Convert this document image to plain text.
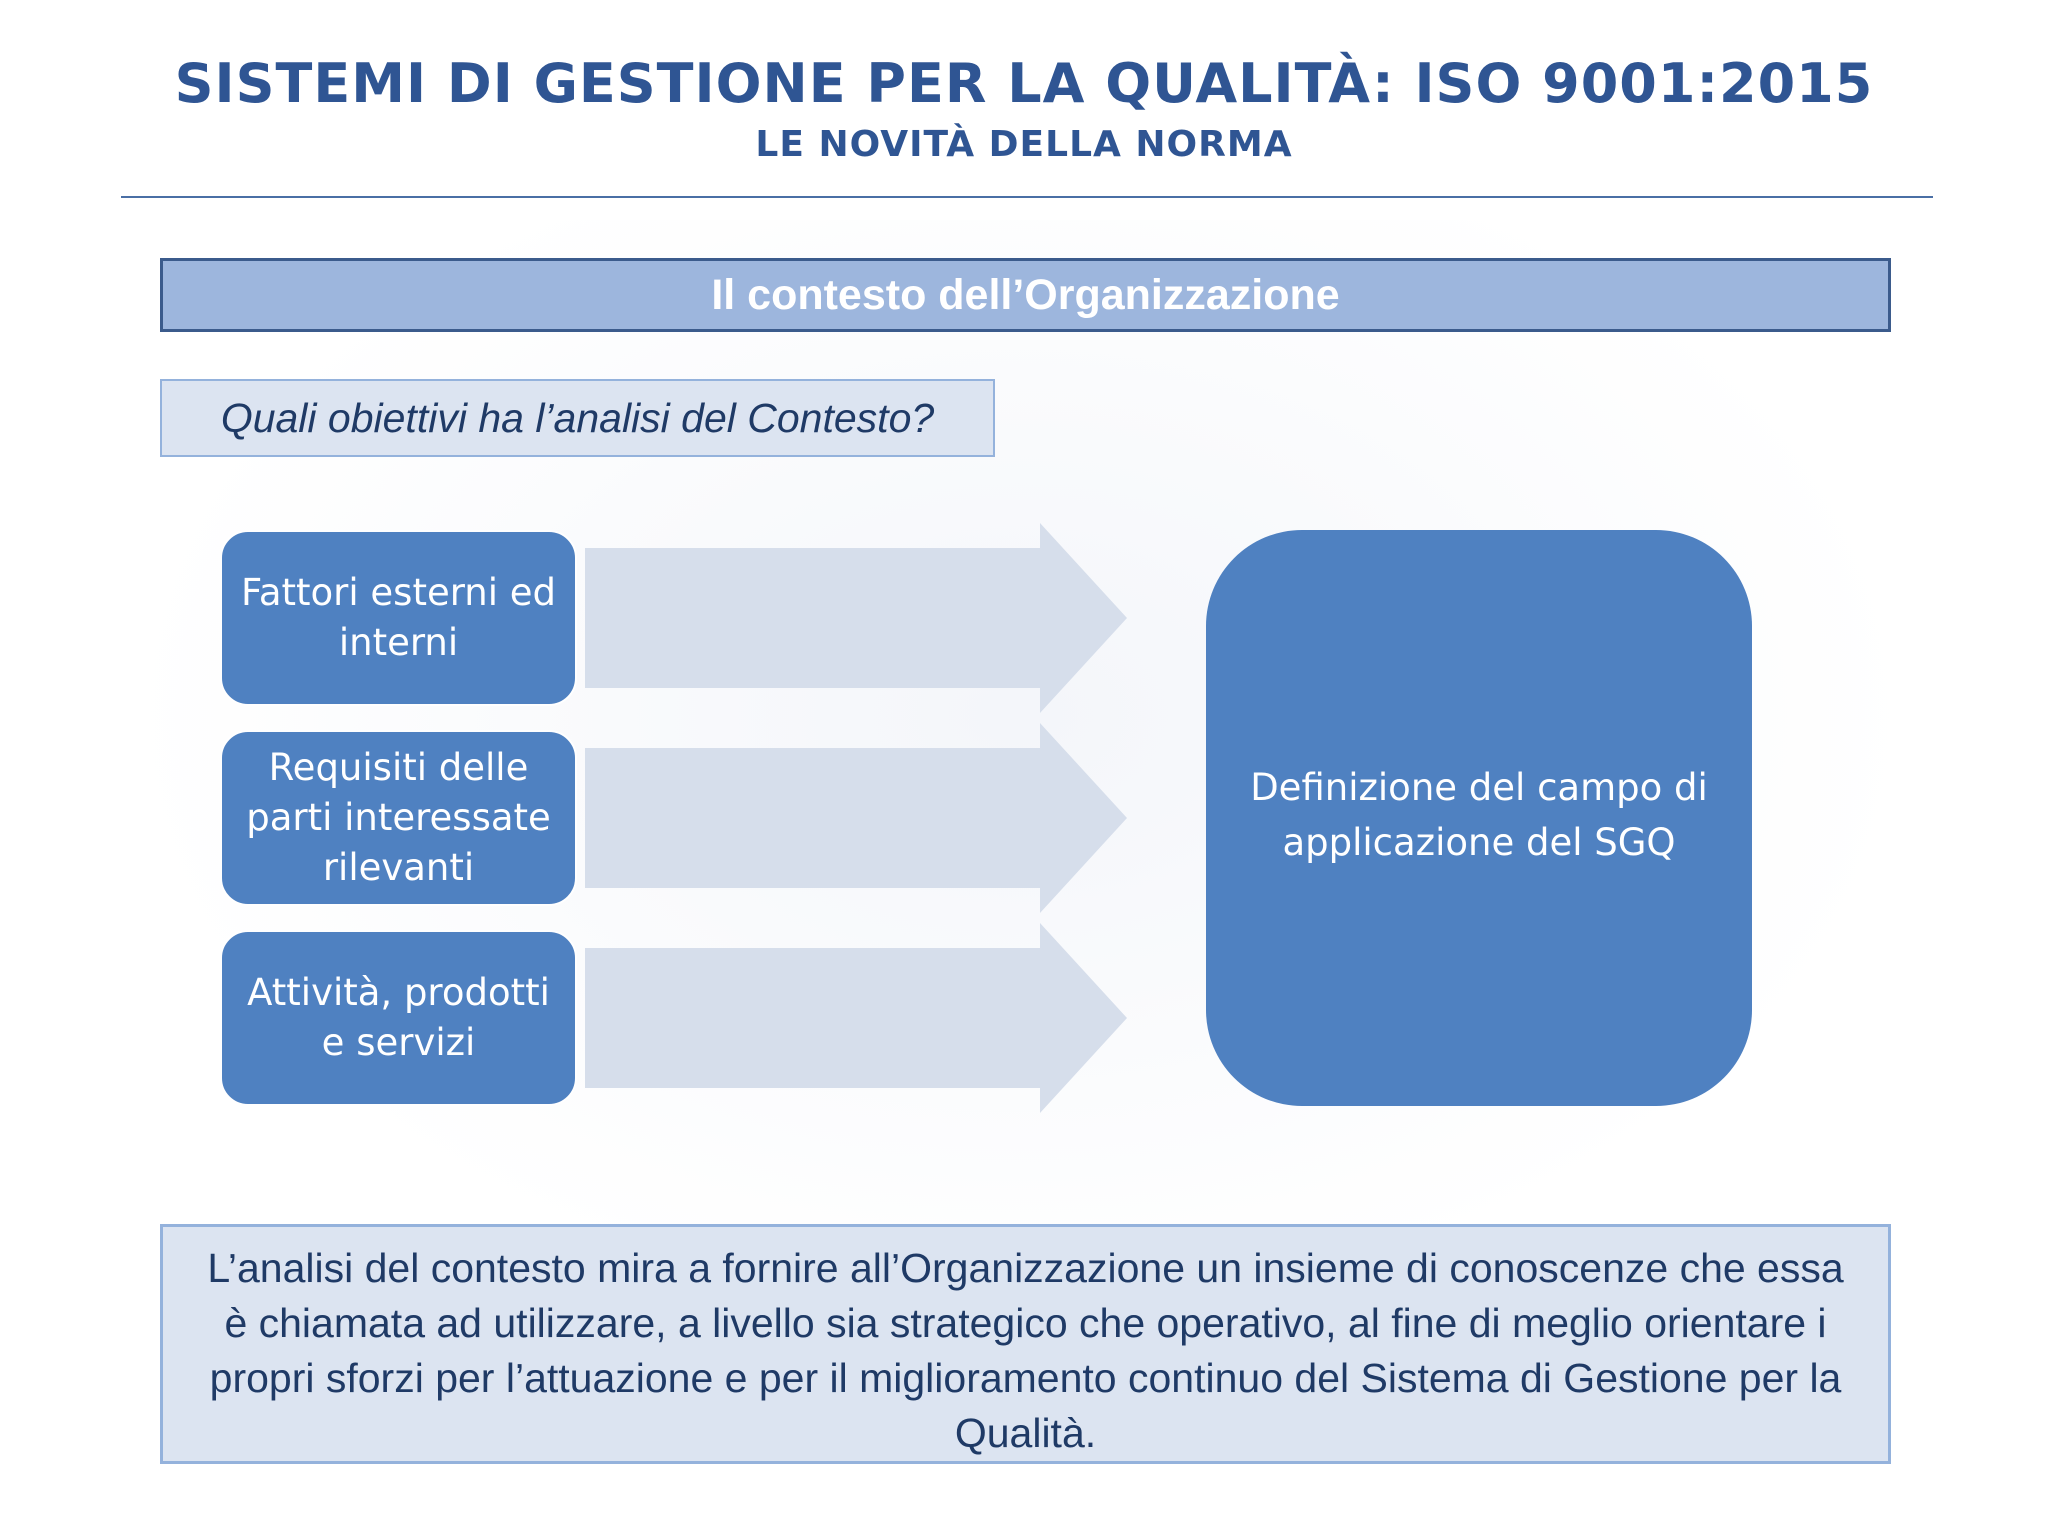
SISTEMI DI GESTIONE PER LA QUALITÀ: ISO 9001:2015
LE NOVITÀ DELLA NORMA
Il contesto dell’Organizzazione
Quali obiettivi ha l’analisi del Contesto?
Fattori esterni ed interni
Requisiti delle parti interessate rilevanti
Attività, prodotti e servizi
Definizione del campo di applicazione del SGQ
L’analisi del contesto mira a fornire all’Organizzazione un insieme di conoscenze che essa è chiamata ad utilizzare, a livello sia strategico che operativo, al fine di meglio orientare i propri sforzi per l’attuazione e per il miglioramento continuo del Sistema di Gestione per la Qualità.
